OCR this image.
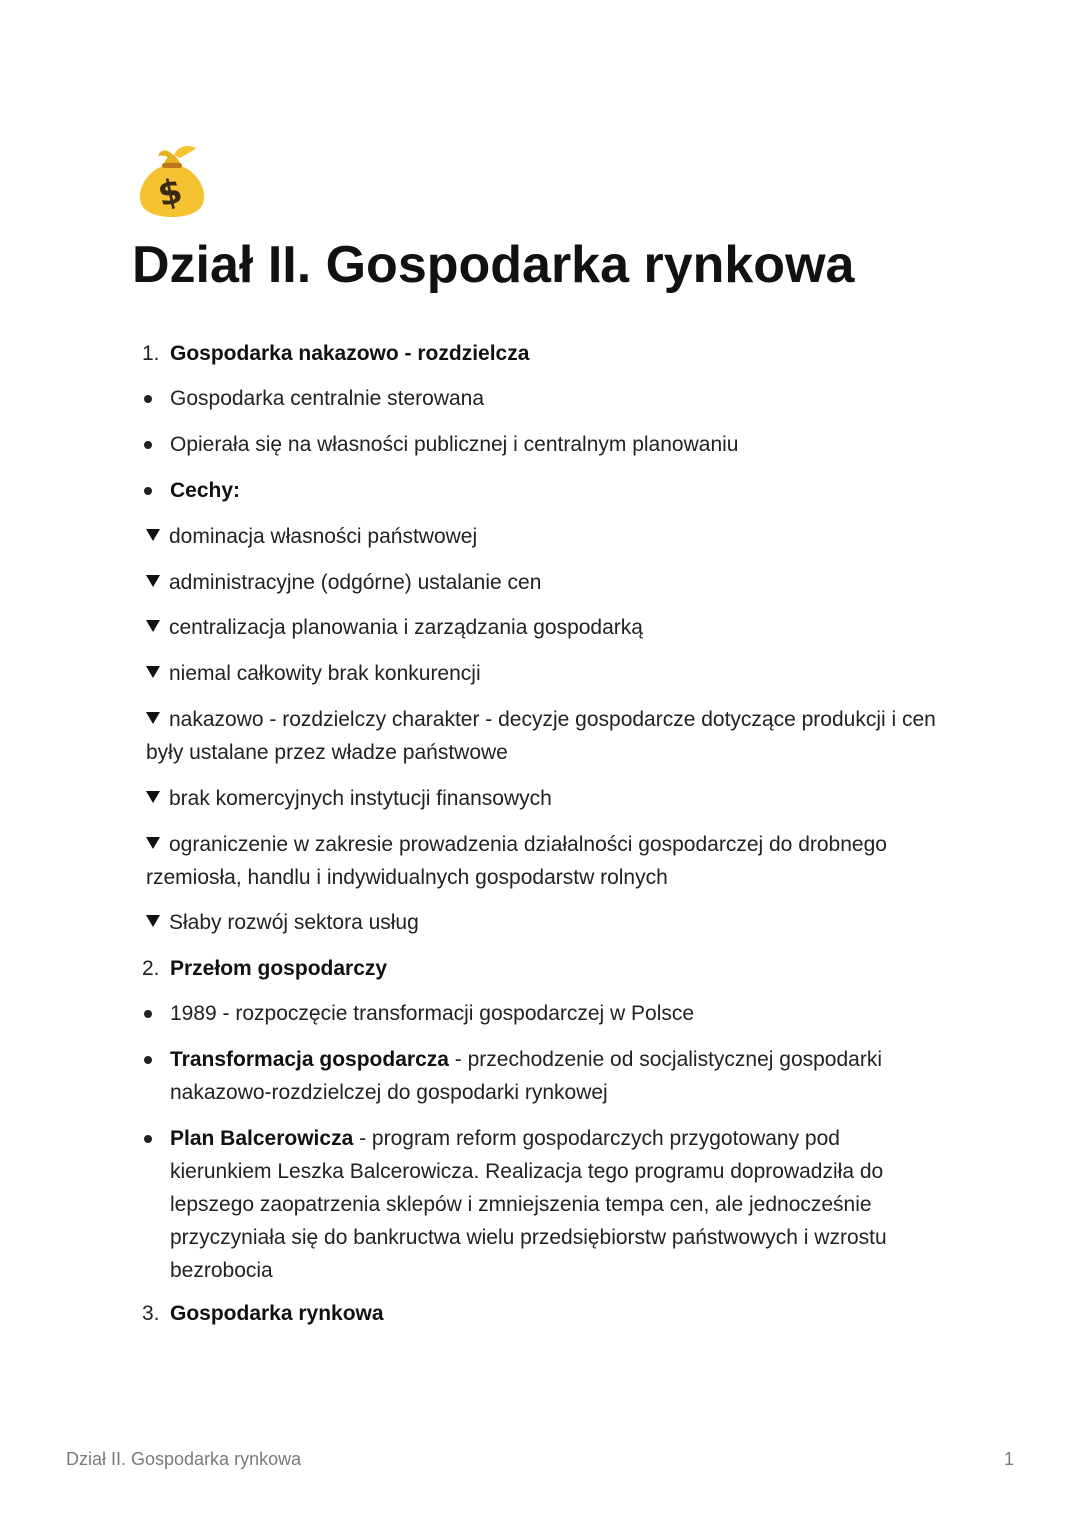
$
Dział II. Gospodarka rynkowa
1. Gospodarka nakazowo - rozdzielcza
Gospodarka centralnie sterowana
Opierała się na własności publicznej i centralnym planowaniu
Cechy:
dominacja własności państwowej
administracyjne (odgórne) ustalanie cen
centralizacja planowania i zarządzania gospodarką
niemal całkowity brak konkurencji
nakazowo - rozdzielczy charakter - decyzje gospodarcze dotyczące produkcji i cen były ustalane przez władze państwowe
brak komercyjnych instytucji finansowych
ograniczenie w zakresie prowadzenia działalności gospodarczej do drobnego rzemiosła, handlu i indywidualnych gospodarstw rolnych
Słaby rozwój sektora usług
2. Przełom gospodarczy
1989 - rozpoczęcie transformacji gospodarczej w Polsce
Transformacja gospodarcza - przechodzenie od socjalistycznej gospodarki nakazowo-rozdzielczej do gospodarki rynkowej
Plan Balcerowicza - program reform gospodarczych przygotowany pod kierunkiem Leszka Balcerowicza. Realizacja tego programu doprowadziła do lepszego zaopatrzenia sklepów i zmniejszenia tempa cen, ale jednocześnie przyczyniała się do bankructwa wielu przedsiębiorstw państwowych i wzrostu bezrobocia
3. Gospodarka rynkowa
Dział II. Gospodarka rynkowa	1
